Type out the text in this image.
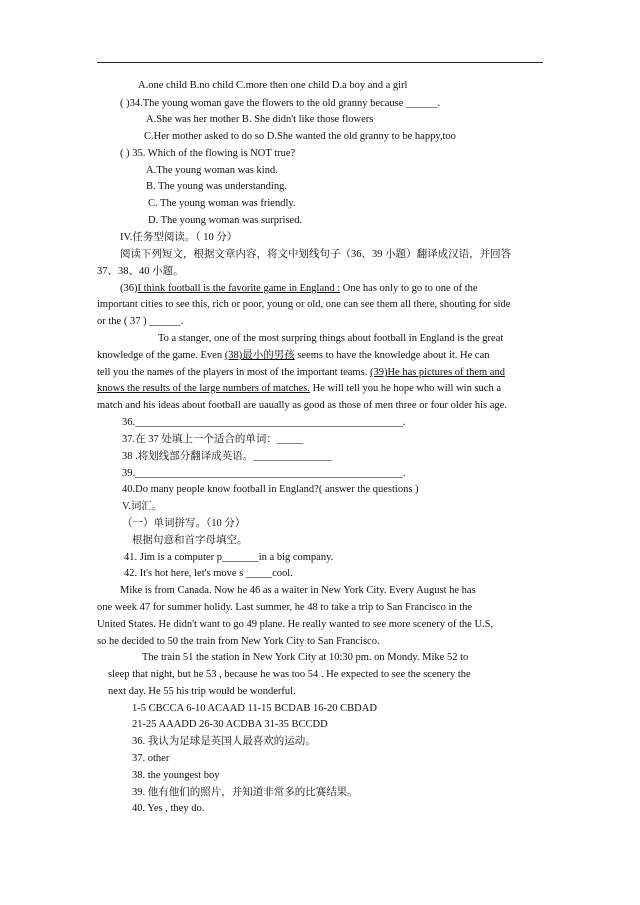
A.one child B.no child C.more then one child D.a boy and a girl
( )34.The young woman gave the flowers to the old granny because ______.
A.She was her mother B. She didn't like those flowers
C.Her mother asked to do so D.She wanted the old granny to be happy,too
( ) 35. Which of the flowing is NOT true?
A.The young woman was kind.
B. The young was understanding.
C. The young woman was friendly.
D. The young woman was surprised.
IV.任务型阅读。（ 10 分）
阅读下列短文，根据文章内容，将文中划线句子（36、39 小题）翻译成汉语，并回答
37、38、40 小题。
(36)I think football is the favorite game in England : One has only to go to one of the
important cities to see this, rich or poor, young or old, one can see them all there, shouting for side
or the ( 37 ) ______.
To a stanger, one of the most surpring things about football in England is the great
knowledge of the game. Even (38)最小的男孩 seems to have the knowledge about it. He can
tell you the names of the players in most of the important teams. (39)He has pictures of them and
knows the results of the large numbers of matches. He will tell you he hope who will win such a
match and his ideas about football are uaually as good as those of men three or four older his age.
36.___________________________________________________.
37.在 37 处填上一个适合的单词：_____
38 .将划线部分翻译成英语。_______________
39.___________________________________________________.
40.Do many people know football in England?( answer the questions )
V.词汇。
（一）单词拼写。（10 分）
根据句意和首字母填空。
41. Jim is a computer p_______in a big company.
42. It's hot here, let's move s _____cool.
Mike is from Canada. Now he 46 as a waiter in New York City. Every August he has
one week 47 for summer holidy. Last summer, he 48 to take a trip to San Francisco in the
United States. He didn't want to go 49 plane. He really wanted to see more scenery of the U.S,
so he decided to 50 the train from New York City to San Francisco.
The train 51 the station in New York City at 10:30 pm. on Mondy. Mike 52 to
sleep that night, but he 53 , because he was too 54 . He expected to see the scenery the
next day. He 55 his trip would be wonderful.
1-5 CBCCA 6-10 ACAAD 11-15 BCDAB 16-20 CBDAD
21-25 AAADD 26-30 ACDBA 31-35 BCCDD
36. 我认为足球是英国人最喜欢的运动。
37. other
38. the youngest boy
39. 他有他们的照片，并知道非常多的比赛结果。
40. Yes , they do.
